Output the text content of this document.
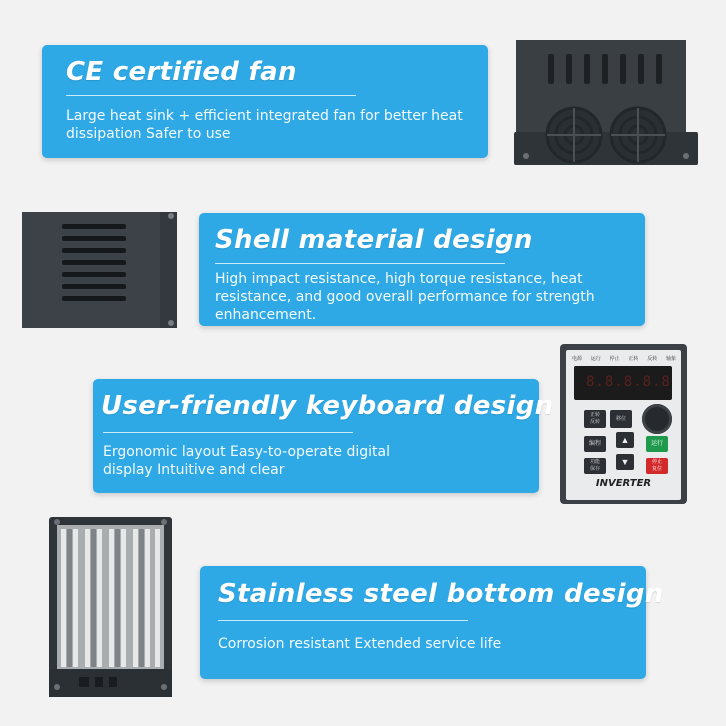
CE certified fan
Large heat sink + efficient integrated fan for better heat
dissipation Safer to use
Shell material design
High impact resistance, high torque resistance, heat
resistance, and good overall performance for strength
enhancement.
User-friendly keyboard design
Ergonomic layout Easy-to-operate digital
display Intuitive and clear
电源 运行 停止 正转 反转 轴象
8.8.8.8.8
正转
反转	移位
编程	▲	运行
功能
保存
▼	停止
复位
INVERTER
Stainless steel bottom design
Corrosion resistant Extended service life
